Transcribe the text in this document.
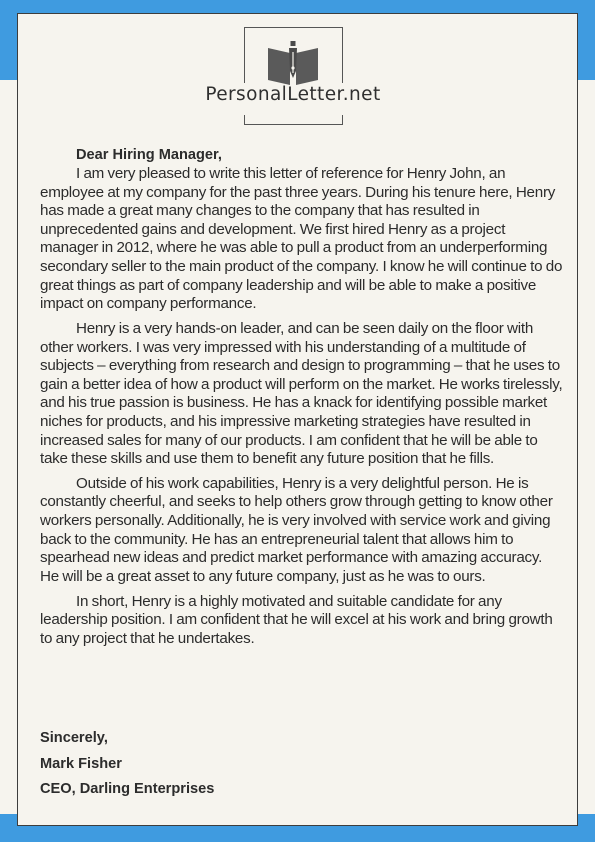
PersonalLetter.net
Dear Hiring Manager,

I am very pleased to write this letter of reference for Henry John, an employee at my company for the past three years. During his tenure here, Henry has made a great many changes to the company that has resulted in unprecedented gains and development. We first hired Henry as a project manager in 2012, where he was able to pull a product from an underperforming secondary seller to the main product of the company. I know he will continue to do great things as part of company leadership and will be able to make a positive impact on company performance.

Henry is a very hands-on leader, and can be seen daily on the floor with other workers. I was very impressed with his understanding of a multitude of subjects – everything from research and design to programming – that he uses to gain a better idea of how a product will perform on the market. He works tirelessly, and his true passion is business. He has a knack for identifying possible market niches for products, and his impressive marketing strategies have resulted in increased sales for many of our products. I am confident that he will be able to take these skills and use them to benefit any future position that he fills.

Outside of his work capabilities, Henry is a very delightful person. He is constantly cheerful, and seeks to help others grow through getting to know other workers personally. Additionally, he is very involved with service work and giving back to the community. He has an entrepreneurial talent that allows him to spearhead new ideas and predict market performance with amazing accuracy. He will be a great asset to any future company, just as he was to ours.

In short, Henry is a highly motivated and suitable candidate for any leadership position. I am confident that he will excel at his work and bring growth to any project that he undertakes.

Sincerely,
Mark Fisher
CEO, Darling Enterprises
